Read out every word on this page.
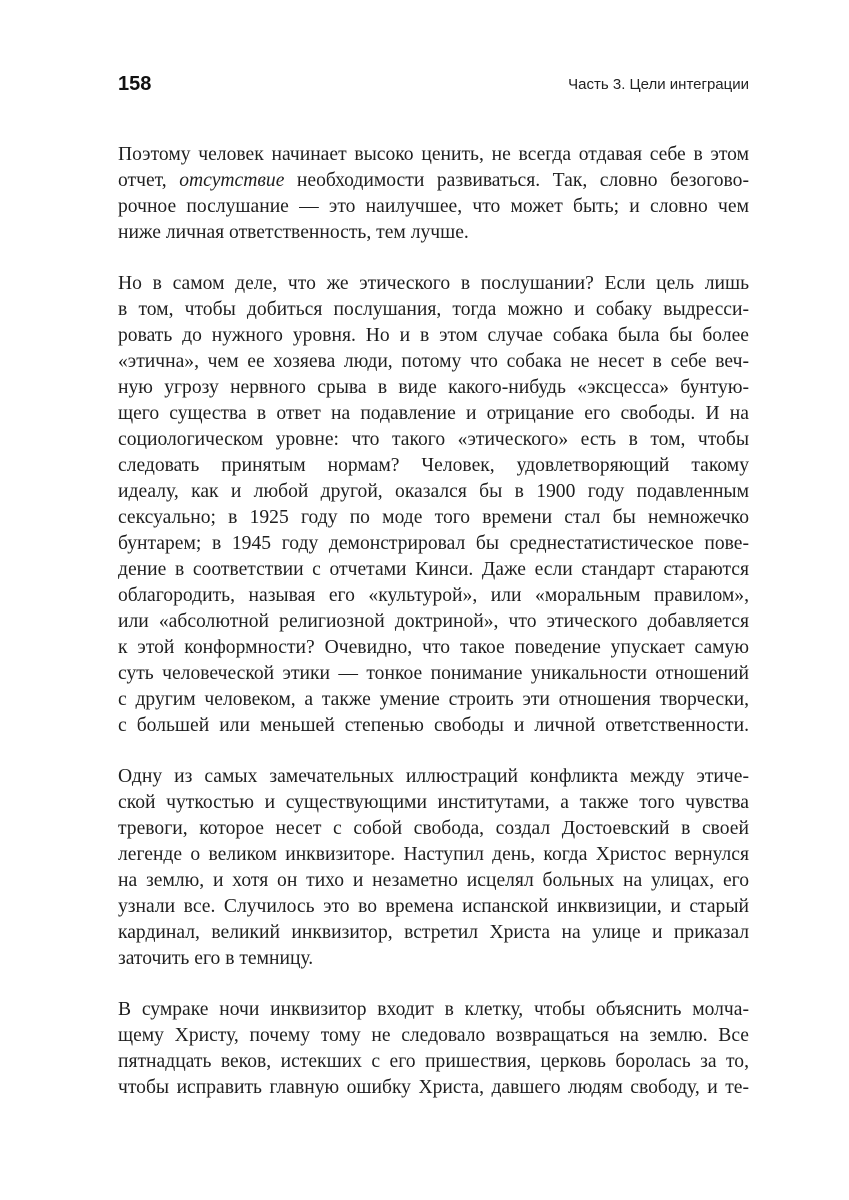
158	Часть 3. Цели интеграции
Поэтому человек начинает высоко ценить, не всегда отдавая себе в этом
отчет, отсутствие необходимости развиваться. Так, словно безогово-
рочное послушание — это наилучшее, что может быть; и словно чем
ниже личная ответственность, тем лучше.
Но в самом деле, что же этического в послушании? Если цель лишь
в том, чтобы добиться послушания, тогда можно и собаку выдресси-
ровать до нужного уровня. Но и в этом случае собака была бы более
«этична», чем ее хозяева люди, потому что собака не несет в себе веч-
ную угрозу нервного срыва в виде какого-нибудь «эксцесса» бунтую-
щего существа в ответ на подавление и отрицание его свободы. И на
социологическом уровне: что такого «этического» есть в том, чтобы
следовать принятым нормам? Человек, удовлетворяющий такому
идеалу, как и любой другой, оказался бы в 1900 году подавленным
сексуально; в 1925 году по моде того времени стал бы немножечко
бунтарем; в 1945 году демонстрировал бы среднестатистическое пове-
дение в соответствии с отчетами Кинси. Даже если стандарт стараются
облагородить, называя его «культурой», или «моральным правилом»,
или «абсолютной религиозной доктриной», что этического добавляется
к этой конформности? Очевидно, что такое поведение упускает самую
суть человеческой этики — тонкое понимание уникальности отношений
с другим человеком, а также умение строить эти отношения творчески,
с большей или меньшей степенью свободы и личной ответственности.
Одну из самых замечательных иллюстраций конфликта между этиче-
ской чуткостью и существующими институтами, а также того чувства
тревоги, которое несет с собой свобода, создал Достоевский в своей
легенде о великом инквизиторе. Наступил день, когда Христос вернулся
на землю, и хотя он тихо и незаметно исцелял больных на улицах, его
узнали все. Случилось это во времена испанской инквизиции, и старый
кардинал, великий инквизитор, встретил Христа на улице и приказал
заточить его в темницу.
В сумраке ночи инквизитор входит в клетку, чтобы объяснить молча-
щему Христу, почему тому не следовало возвращаться на землю. Все
пятнадцать веков, истекших с его пришествия, церковь боролась за то,
чтобы исправить главную ошибку Христа, давшего людям свободу, и те-
